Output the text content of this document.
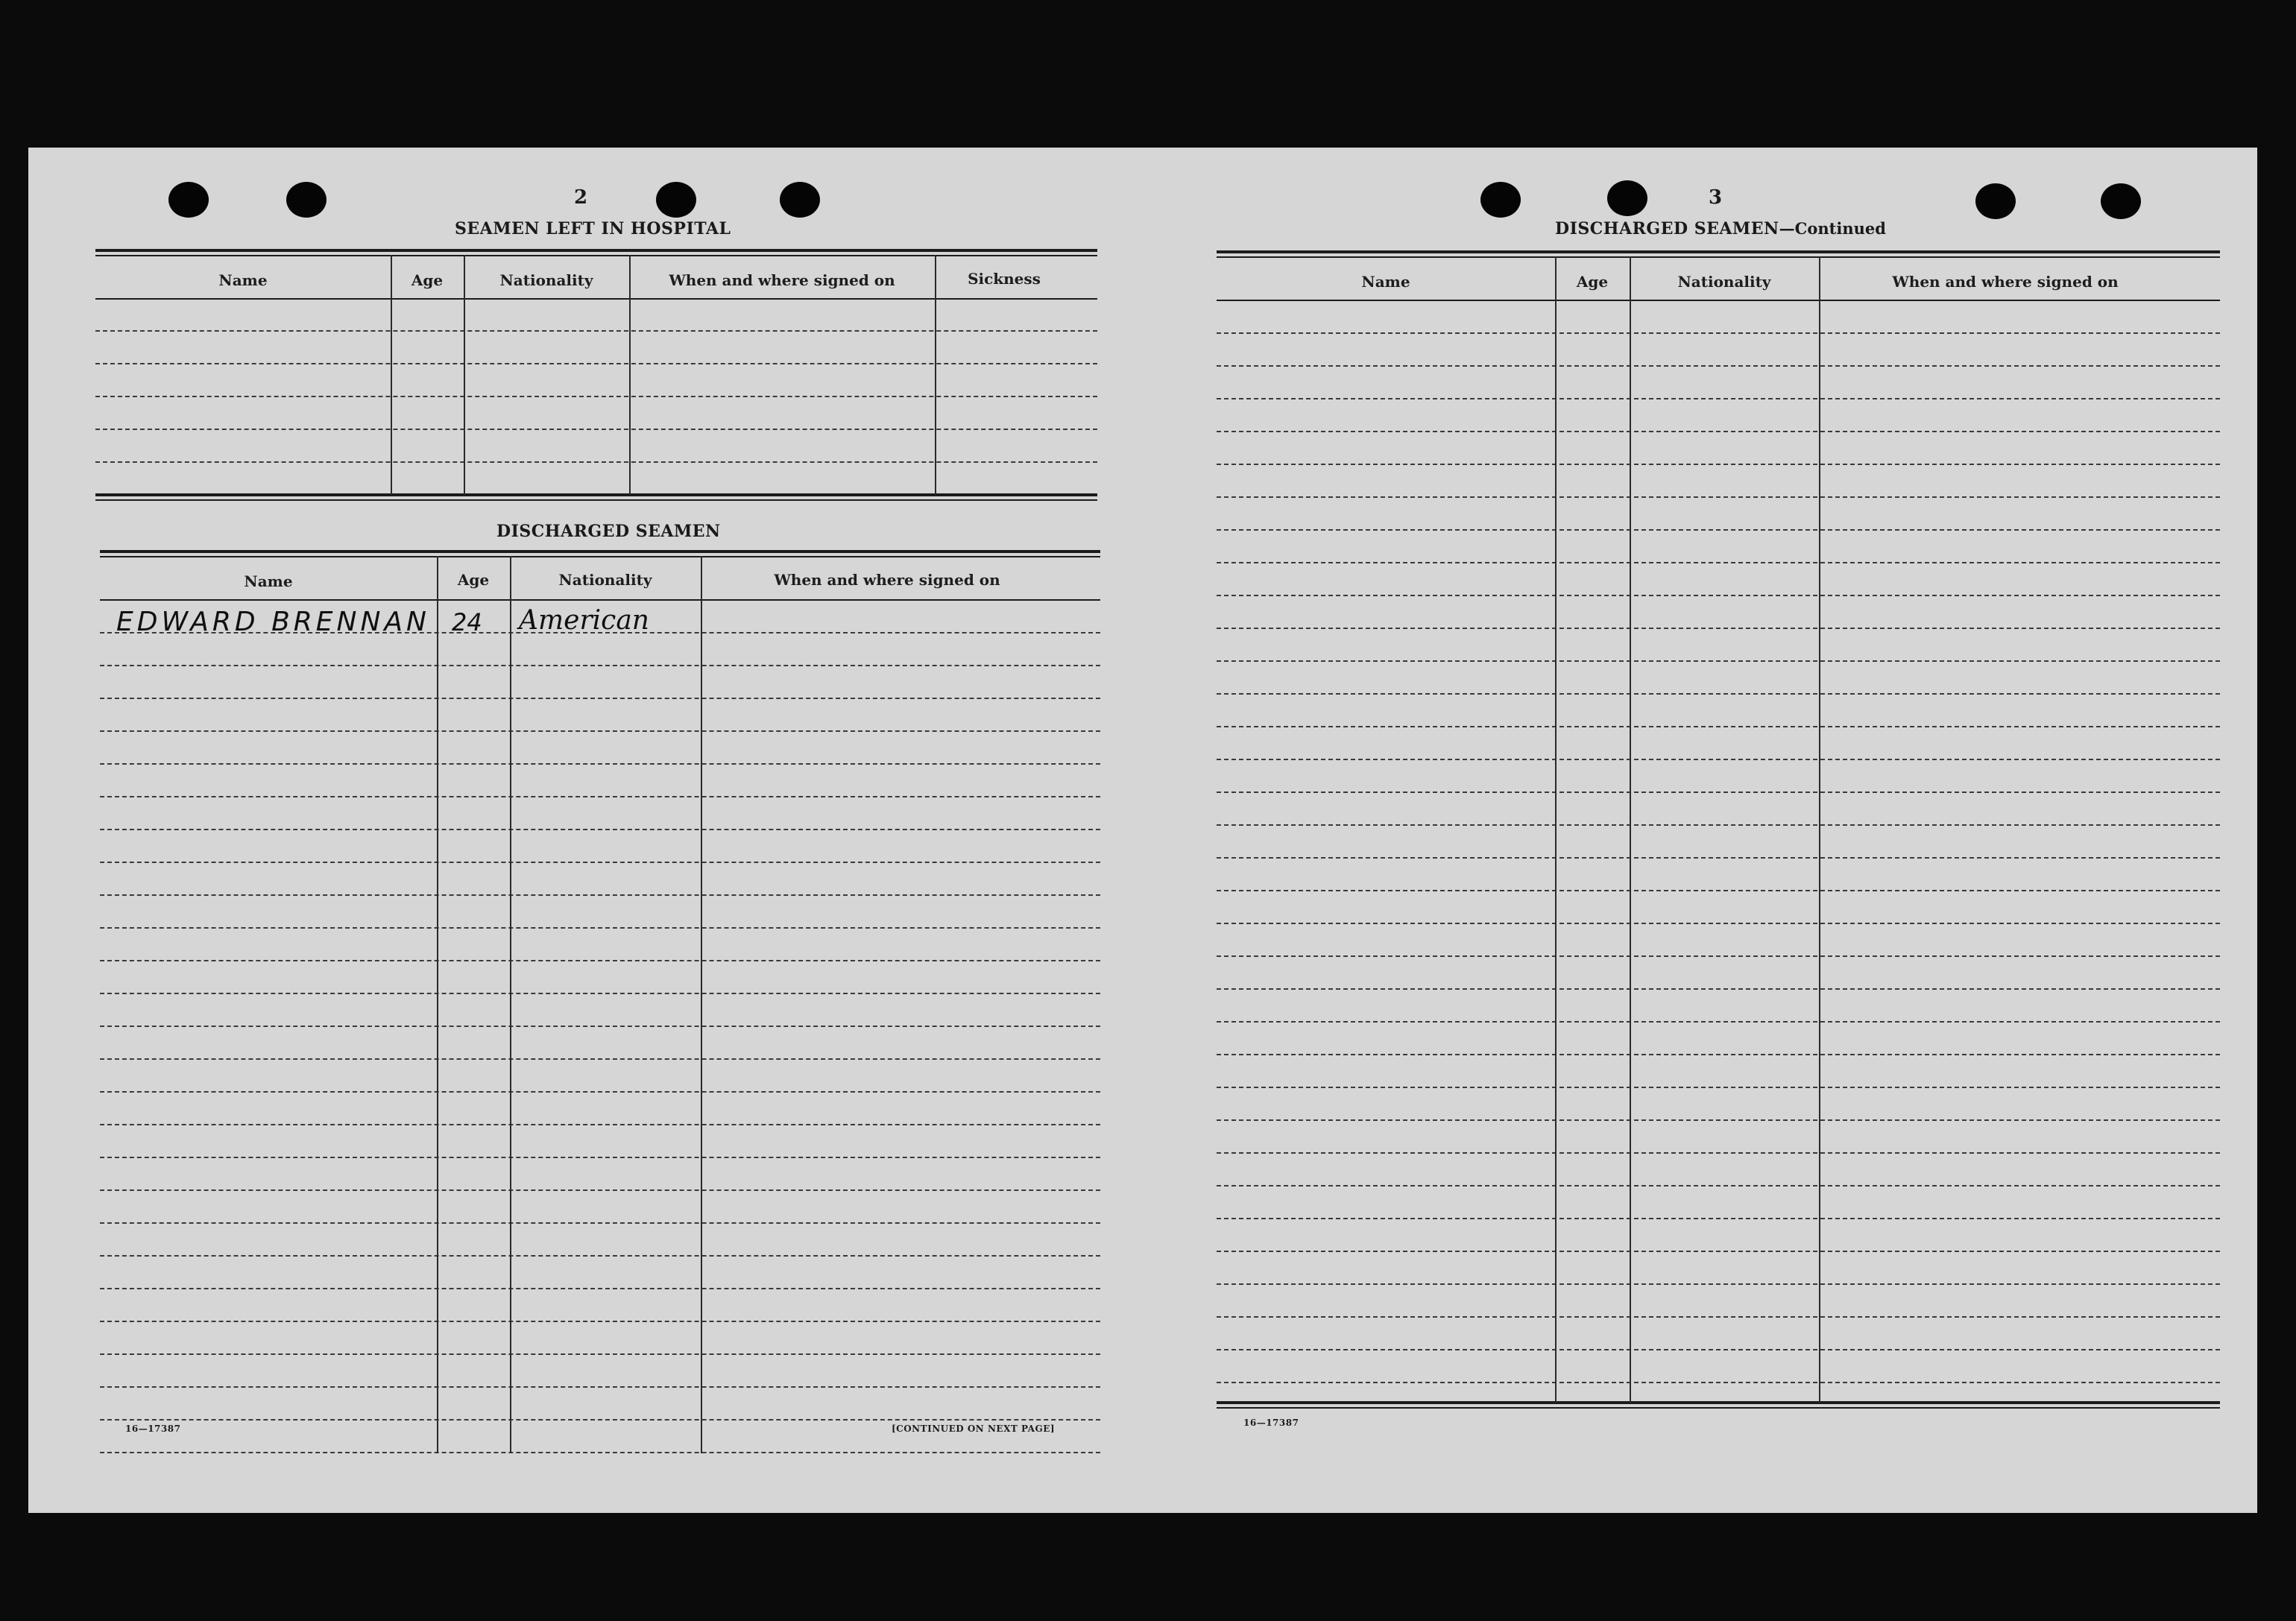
2
SEAMEN LEFT IN HOSPITAL
Name	Age	Nationality	When and where signed on	Sickness
DISCHARGED SEAMEN
Name	Age	Nationality	When and where signed on
EDWARD BRENNAN 24 American
16—17387	[CONTINUED ON NEXT PAGE]
3
DISCHARGED SEAMEN—Continued
Name	Age	Nationality	When and where signed on
16—17387
